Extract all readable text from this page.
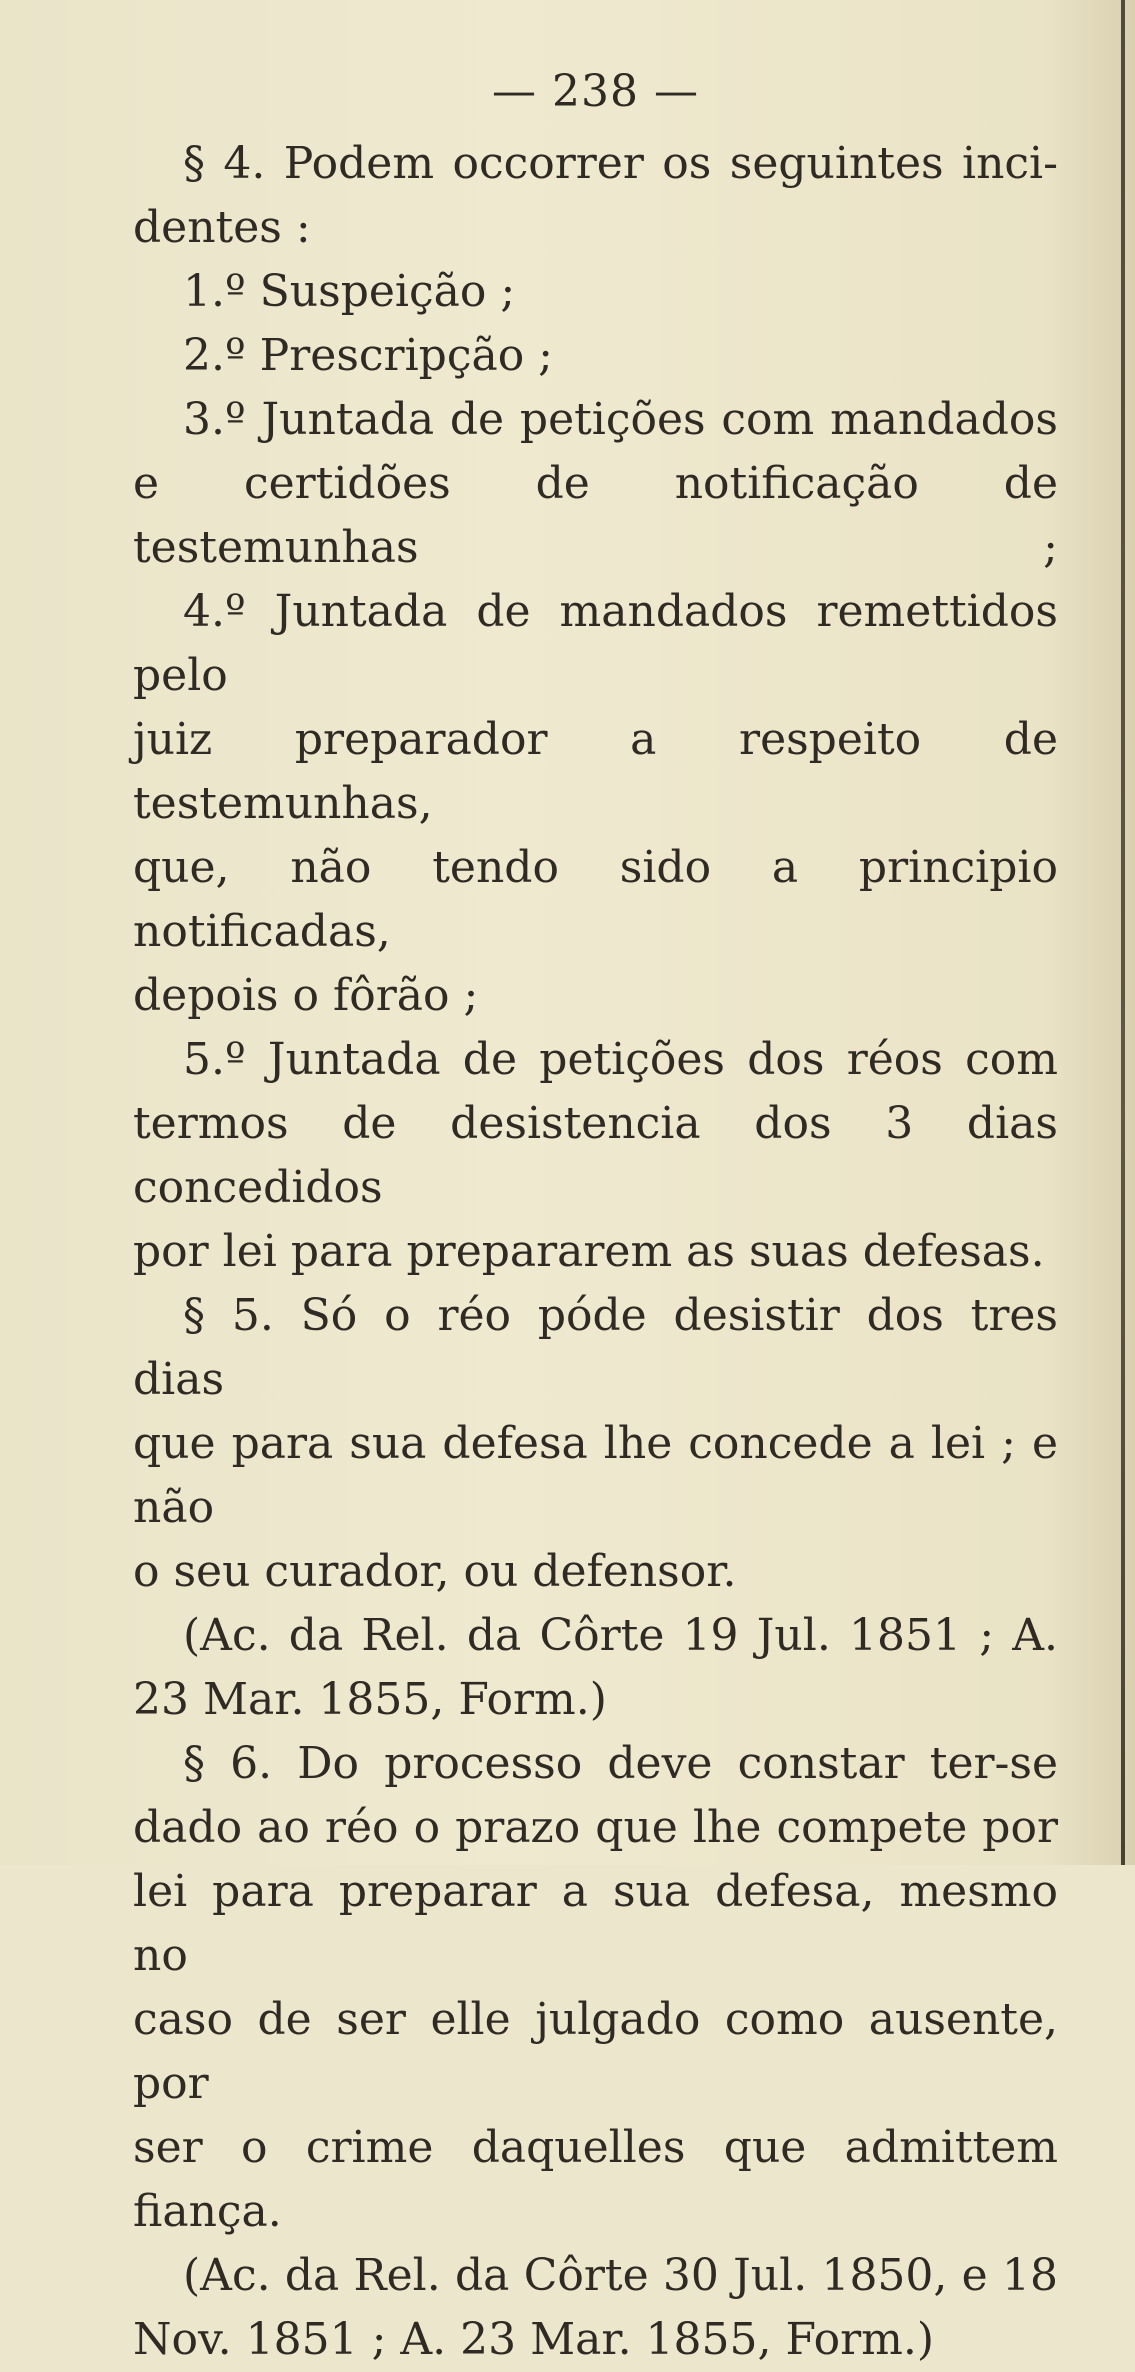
— 238 —

§ 4. Podem occorrer os seguintes inci-

dentes :

1.º Suspeição ;

2.º Prescripção ;

3.º Juntada de petições com mandados

e certidões de notificação de testemunhas ;

4.º Juntada de mandados remettidos pelo

juiz preparador a respeito de testemunhas,

que, não tendo sido a principio notificadas,

depois o fôrão ;

5.º Juntada de petições dos réos com

termos de desistencia dos 3 dias concedidos

por lei para prepararem as suas defesas.

§ 5. Só o réo póde desistir dos tres dias

que para sua defesa lhe concede a lei ; e não

o seu curador, ou defensor.

(Ac. da Rel. da Côrte 19 Jul. 1851 ; A.

23 Mar. 1855, Form.)

§ 6. Do processo deve constar ter-se

dado ao réo o prazo que lhe compete por

lei para preparar a sua defesa, mesmo no

caso de ser elle julgado como ausente, por

ser o crime daquelles que admittem fiança.

(Ac. da Rel. da Côrte 30 Jul. 1850, e 18

Nov. 1851 ; A. 23 Mar. 1855, Form.)
